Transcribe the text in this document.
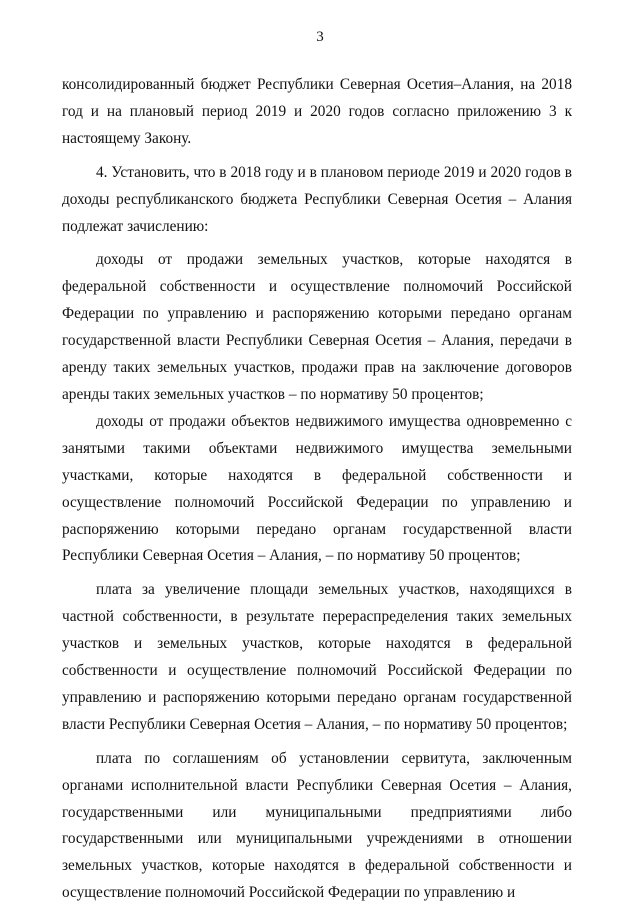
3

консолидированный бюджет Республики Северная Осетия–Алания, на 2018 год и на плановый период 2019 и 2020 годов согласно приложению 3 к настоящему Закону.

4. Установить, что в 2018 году и в плановом периоде 2019 и 2020 годов в доходы республиканского бюджета Республики Северная Осетия – Алания подлежат зачислению:

доходы от продажи земельных участков, которые находятся в федеральной собственности и осуществление полномочий Российской Федерации по управлению и распоряжению которыми передано органам государственной власти Республики Северная Осетия – Алания, передачи в аренду таких земельных участков, продажи прав на заключение договоров аренды таких земельных участков – по нормативу 50 процентов;

доходы от продажи объектов недвижимого имущества одновременно с занятыми такими объектами недвижимого имущества земельными участками, которые находятся в федеральной собственности и осуществление полномочий Российской Федерации по управлению и распоряжению которыми передано органам государственной власти Республики Северная Осетия – Алания, – по нормативу 50 процентов;

плата за увеличение площади земельных участков, находящихся в частной собственности, в результате перераспределения таких земельных участков и земельных участков, которые находятся в федеральной собственности и осуществление полномочий Российской Федерации по управлению и распоряжению которыми передано органам государственной власти Республики Северная Осетия – Алания, – по нормативу 50 процентов;

плата по соглашениям об установлении сервитута, заключенным органами исполнительной власти Республики Северная Осетия – Алания, государственными или муниципальными предприятиями либо государственными или муниципальными учреждениями в отношении земельных участков, которые находятся в федеральной собственности и осуществление полномочий Российской Федерации по управлению и
